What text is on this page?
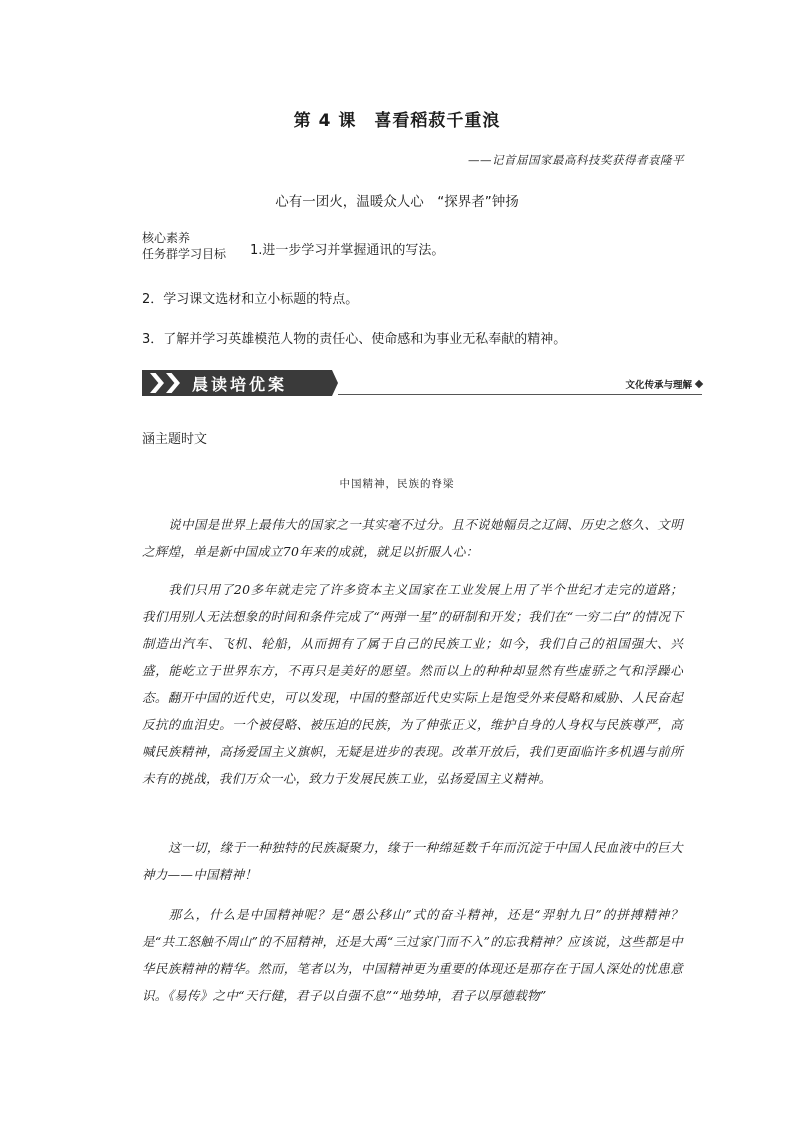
第 4 课　喜看稻菽千重浪
——记首届国家最高科技奖获得者袁隆平
心有一团火，温暖众人心　“探界者”钟扬
核心素养
任务群学习目标 1.进一步学习并掌握通讯的写法。
2．学习课文选材和立小标题的特点。
3．了解并学习英雄模范人物的责任心、使命感和为事业无私奉献的精神。
晨读培优案	文化传承与理解
涵主题时文
中国精神，民族的脊梁
说中国是世界上最伟大的国家之一其实毫不过分。且不说她幅员之辽阔、历史之悠久、文明之辉煌，单是新中国成立70年来的成就，就足以折服人心：
我们只用了20多年就走完了许多资本主义国家在工业发展上用了半个世纪才走完的道路；我们用别人无法想象的时间和条件完成了“两弹一星”的研制和开发；我们在“一穷二白”的情况下制造出汽车、飞机、轮船，从而拥有了属于自己的民族工业；如今，我们自己的祖国强大、兴盛，能屹立于世界东方，不再只是美好的愿望。然而以上的种种却显然有些虚骄之气和浮躁心态。翻开中国的近代史，可以发现，中国的整部近代史实际上是饱受外来侵略和威胁、人民奋起反抗的血泪史。一个被侵略、被压迫的民族，为了伸张正义，维护自身的人身权与民族尊严，高喊民族精神，高扬爱国主义旗帜，无疑是进步的表现。改革开放后，我们更面临许多机遇与前所未有的挑战，我们万众一心，致力于发展民族工业，弘扬爱国主义精神。
这一切，缘于一种独特的民族凝聚力，缘于一种绵延数千年而沉淀于中国人民血液中的巨大神力——中国精神！
那么，什么是中国精神呢？是“愚公移山”式的奋斗精神，还是“羿射九日”的拼搏精神？是“共工怒触不周山”的不屈精神，还是大禹“三过家门而不入”的忘我精神？应该说，这些都是中华民族精神的精华。然而，笔者以为，中国精神更为重要的体现还是那存在于国人深处的忧患意识。《易传》之中“天行健，君子以自强不息”“地势坤，君子以厚德载物”
